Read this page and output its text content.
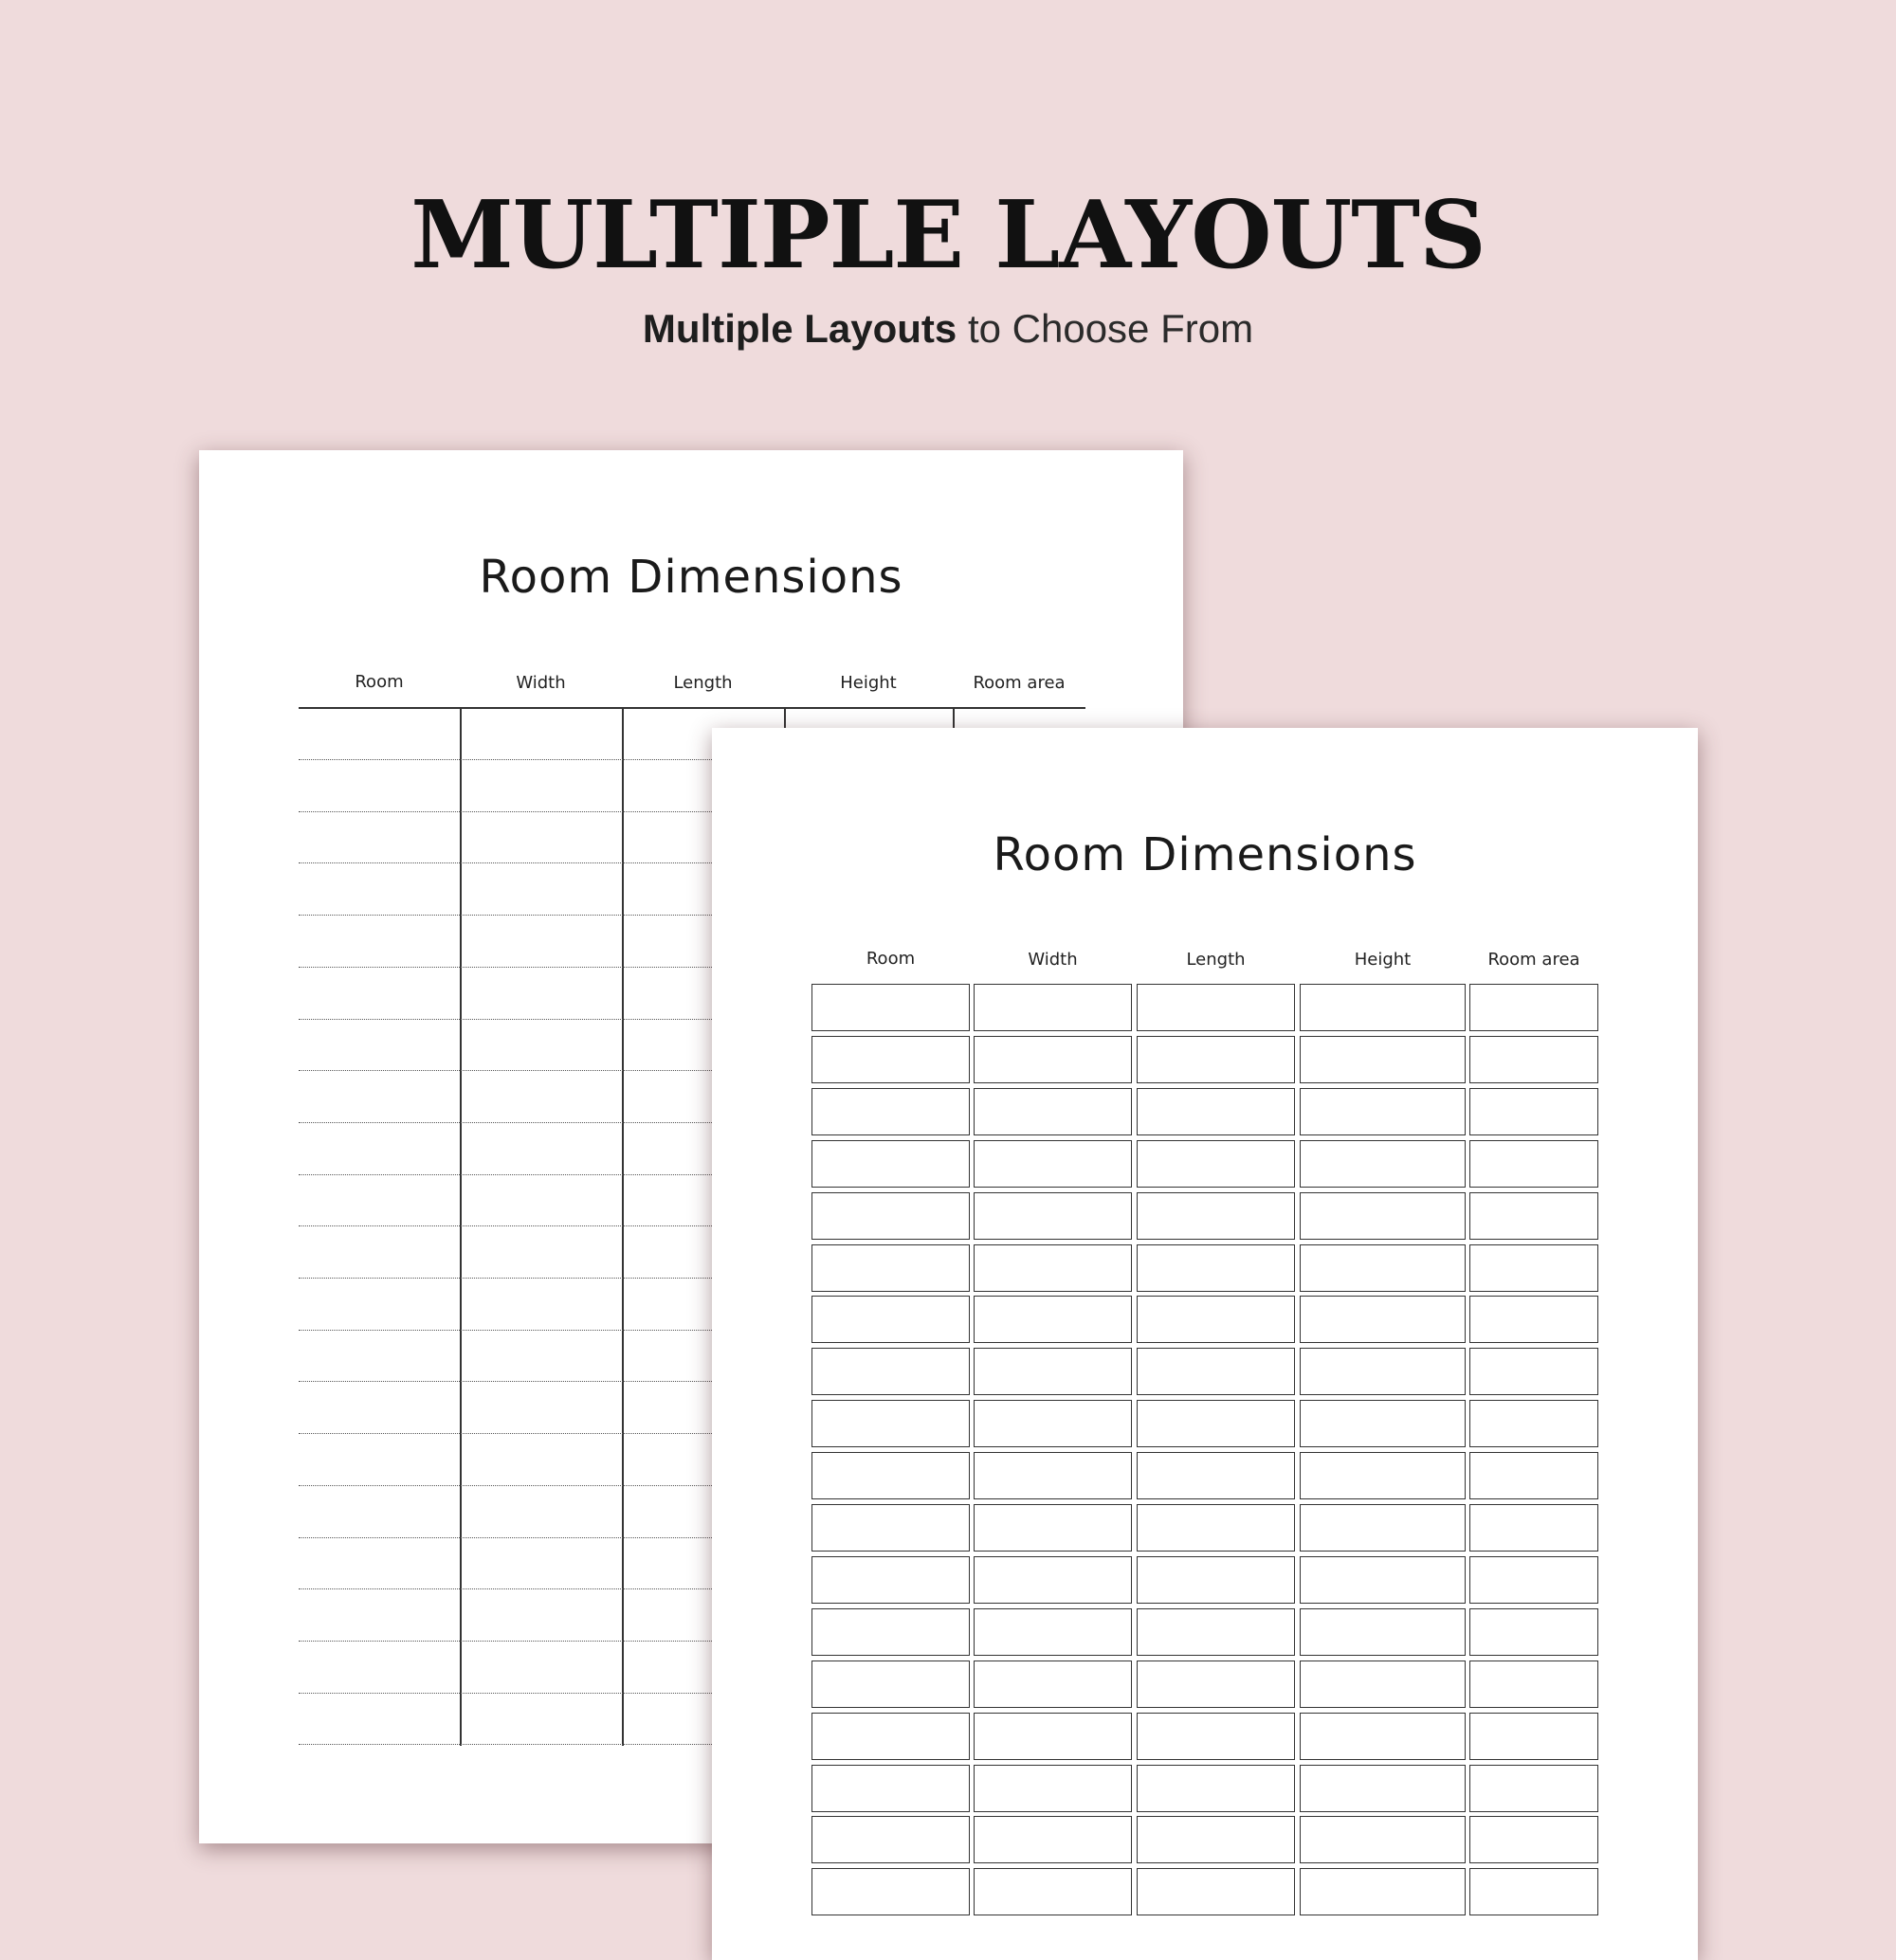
MULTIPLE LAYOUTS
Multiple Layouts to Choose From
Room Dimensions
Room	Width	Length	Height	Room area
Room Dimensions
Room	Width	Length	Height	Room area
